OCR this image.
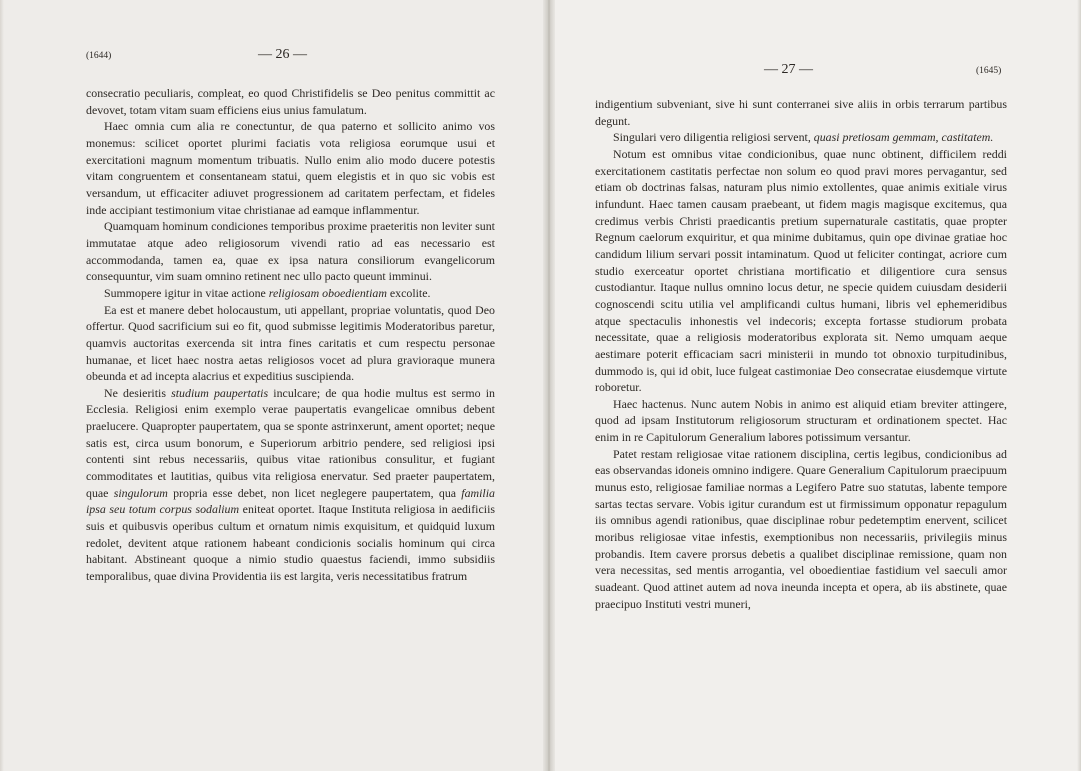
(1644)	— 26 —

consecratio peculiaris, compleat, eo quod Christifidelis se Deo penitus committit ac devovet, totam vitam suam efficiens eius unius famulatum.

Haec omnia cum alia re conectuntur, de qua paterno et sollicito animo vos monemus: scilicet oportet plurimi faciatis vota religiosa eorumque usui et exercitationi magnum momentum tribuatis. Nullo enim alio modo ducere potestis vitam congruentem et consentaneam statui, quem elegistis et in quo sic vobis est versandum, ut efficaciter adiuvet progressionem ad caritatem perfectam, et fideles inde accipiant testimonium vitae christianae ad eamque inflammentur.

Quamquam hominum condiciones temporibus proxime praeteritis non leviter sunt immutatae atque adeo religiosorum vivendi ratio ad eas necessario est accommodanda, tamen ea, quae ex ipsa natura consiliorum evangelicorum consequuntur, vim suam omnino retinent nec ullo pacto queunt imminui.

Summopere igitur in vitae actione religiosam oboedientiam excolite.

Ea est et manere debet holocaustum, uti appellant, propriae voluntatis, quod Deo offertur. Quod sacrificium sui eo fit, quod submisse legitimis Moderatoribus paretur, quamvis auctoritas exercenda sit intra fines caritatis et cum respectu personae humanae, et licet haec nostra aetas religiosos vocet ad plura gravioraque munera obeunda et ad incepta alacrius et expeditius suscipienda.

Ne desieritis studium paupertatis inculcare; de qua hodie multus est sermo in Ecclesia. Religiosi enim exemplo verae paupertatis evangelicae omnibus debent praelucere. Quapropter paupertatem, qua se sponte astrinxerunt, ament oportet; neque satis est, circa usum bonorum, e Superiorum arbitrio pendere, sed religiosi ipsi contenti sint rebus necessariis, quibus vitae rationibus consulitur, et fugiant commoditates et lautitias, quibus vita religiosa enervatur. Sed praeter paupertatem, quae singulorum propria esse debet, non licet neglegere paupertatem, qua familia ipsa seu totum corpus sodalium eniteat oportet. Itaque Instituta religiosa in aedificiis suis et quibusvis operibus cultum et ornatum nimis exquisitum, et quidquid luxum redolet, devitent atque rationem habeant condicionis socialis hominum qui circa habitant. Abstineant quoque a nimio studio quaestus faciendi, immo subsidiis temporalibus, quae divina Providentia iis est largita, veris necessitatibus fratrum

— 27 —	(1645)

indigentium subveniant, sive hi sunt conterranei sive aliis in orbis terrarum partibus degunt.

Singulari vero diligentia religiosi servent, quasi pretiosam gemmam, castitatem.

Notum est omnibus vitae condicionibus, quae nunc obtinent, difficilem reddi exercitationem castitatis perfectae non solum eo quod pravi mores pervagantur, sed etiam ob doctrinas falsas, naturam plus nimio extollentes, quae animis exitiale virus infundunt. Haec tamen causam praebeant, ut fidem magis magisque excitemus, qua credimus verbis Christi praedicantis pretium supernaturale castitatis, quae propter Regnum caelorum exquiritur, et qua minime dubitamus, quin ope divinae gratiae hoc candidum lilium servari possit intaminatum. Quod ut feliciter contingat, acriore cum studio exerceatur oportet christiana mortificatio et diligentiore cura sensus custodiantur. Itaque nullus omnino locus detur, ne specie quidem cuiusdam desiderii cognoscendi scitu utilia vel amplificandi cultus humani, libris vel ephemeridibus atque spectaculis inhonestis vel indecoris; excepta fortasse studiorum probata necessitate, quae a religiosis moderatoribus explorata sit. Nemo umquam aeque aestimare poterit efficaciam sacri ministerii in mundo tot obnoxio turpitudinibus, dummodo is, qui id obit, luce fulgeat castimoniae Deo consecratae eiusdemque virtute roboretur.

Haec hactenus. Nunc autem Nobis in animo est aliquid etiam breviter attingere, quod ad ipsam Institutorum religiosorum structuram et ordinationem spectet. Hac enim in re Capitulorum Generalium labores potissimum versantur.

Patet restam religiosae vitae rationem disciplina, certis legibus, condicionibus ad eas observandas idoneis omnino indigere. Quare Generalium Capitulorum praecipuum munus esto, religiosae familiae normas a Legifero Patre suo statutas, labente tempore sartas tectas servare. Vobis igitur curandum est ut firmissimum opponatur repagulum iis omnibus agendi rationibus, quae disciplinae robur pedetemptim enervent, scilicet moribus religiosae vitae infestis, exemptionibus non necessariis, privilegiis minus probandis. Item cavere prorsus debetis a qualibet disciplinae remissione, quam non vera necessitas, sed mentis arrogantia, vel oboedientiae fastidium vel saeculi amor suadeant. Quod attinet autem ad nova ineunda incepta et opera, ab iis abstinete, quae praecipuo Instituti vestri muneri,
